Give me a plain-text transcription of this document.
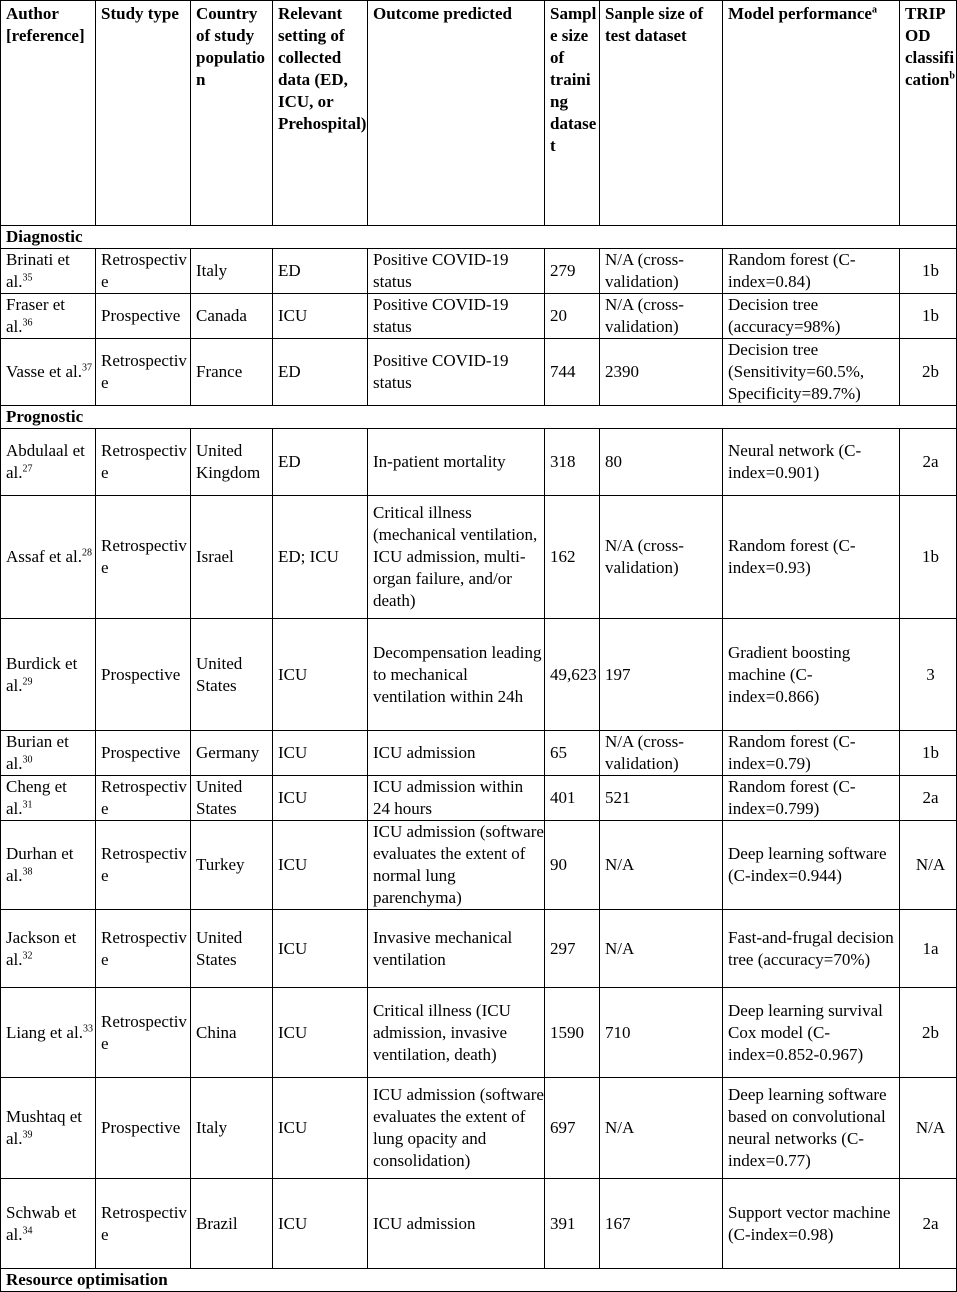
Author [reference]	Study type	Country of study population	Relevant setting of collected data (ED, ICU, or Prehospital)	Outcome predicted	Sample size of training dataset	Sanple size of test dataset	Model performance$^a$	TRIPOD classification$^b$
Diagnostic								
Brinati et al.$^{35}$	Retrospective	Italy	ED	Positive COVID-19 status	279	N/A (cross-validation)	Random forest (C-index=0.84)	1b
Fraser et al.$^{36}$	Prospective	Canada	ICU	Positive COVID-19 status	20	N/A (cross-validation)	Decision tree (accuracy=98%)	1b
Vasse et al.$^{37}$	Retrospective	France	ED	Positive COVID-19 status	744	2390	Decision tree (Sensitivity=60.5%, Specificity=89.7%)	2b
Prognostic								
Abdulaal et al.$^{27}$	Retrospective	United Kingdom	ED	In-patient mortality	318	80	Neural network (C-index=0.901)	2a
Assaf et al.$^{28}$	Retrospective	Israel	ED; ICU	Critical illness (mechanical ventilation, ICU admission, multi-organ failure, and/or death)	162	N/A (cross-validation)	Random forest (C-index=0.93)	1b
Burdick et al.$^{29}$	Prospective	United States	ICU	Decompensation leading to mechanical ventilation within 24h	49,623	197	Gradient boosting machine (C-index=0.866)	3
Burian et al.$^{30}$	Prospective	Germany	ICU	ICU admission	65	N/A (cross-validation)	Random forest (C-index=0.79)	1b
Cheng et al.$^{31}$	Retrospective	United States	ICU	ICU admission within 24 hours	401	521	Random forest (C-index=0.799)	2a
Durhan et al.$^{38}$	Retrospective	Turkey	ICU	ICU admission (software evaluates the extent of normal lung parenchyma)	90	N/A	Deep learning software (C-index=0.944)	N/A
Jackson et al.$^{32}$	Retrospective	United States	ICU	Invasive mechanical ventilation	297	N/A	Fast-and-frugal decision tree (accuracy=70%)	1a
Liang et al.$^{33}$	Retrospective	China	ICU	Critical illness (ICU admission, invasive ventilation, death)	1590	710	Deep learning survival Cox model (C-index=0.852-0.967)	2b
Mushtaq et al.$^{39}$	Prospective	Italy	ICU	ICU admission (software evaluates the extent of lung opacity and consolidation)	697	N/A	Deep learning software based on convolutional neural networks (C-index=0.77)	N/A
Schwab et al.$^{34}$	Retrospective	Brazil	ICU	ICU admission	391	167	Support vector machine (C-index=0.98)	2a
Resource optimisation								
